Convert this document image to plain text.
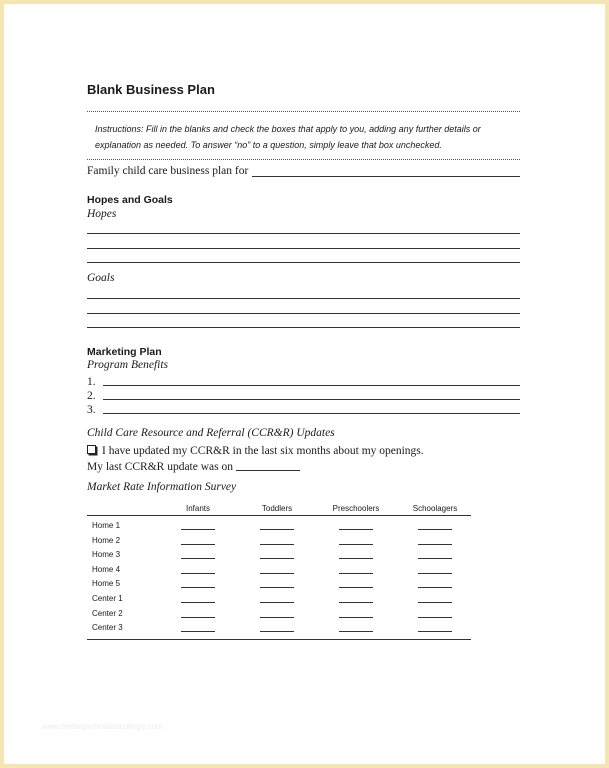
Blank Business Plan
Instructions: Fill in the blanks and check the boxes that apply to you, adding any further details or explanation as needed. To answer “no” to a question, simply leave that box unchecked.
Family child care business plan for
Hopes and Goals
Hopes
Goals
Marketing Plan
Program Benefits
1.
2.
3.
Child Care Resource and Referral (CCR&R) Updates
I have updated my CCR&R in the last six months about my openings.
My last CCR&R update was on
Market Rate Information Survey
Infants	Toddlers	Preschoolers	Schoolagers
Home 1
Home 2
Home 3
Home 4
Home 5
Center 1
Center 2
Center 3
www.heritagechristiancollege.com
